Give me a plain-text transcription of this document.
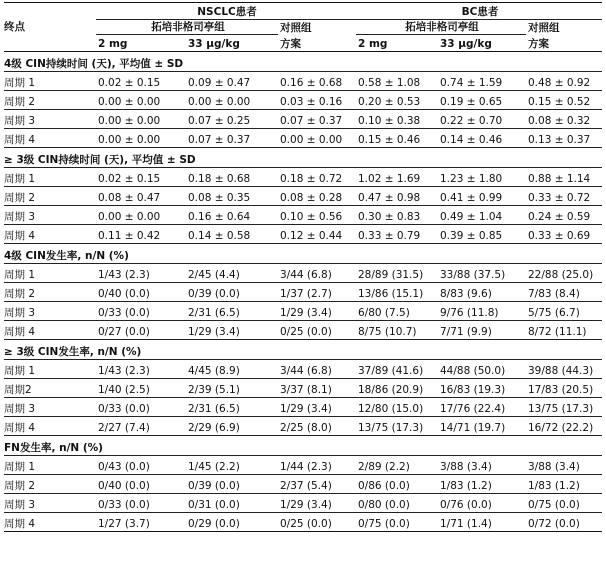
终点	NSCLC患者			BC患者		
	拓培非格司亭组		对照组	拓培非格司亭组		对照组
	2 mg	33 μg/kg	方案	2 mg	33 μg/kg	方案
4级 CIN持续时间 (天), 平均值 ± SD						
周期 1	0.02 ± 0.15	0.09 ± 0.47	0.16 ± 0.68	0.58 ± 1.08	0.74 ± 1.59	0.48 ± 0.92
周期 2	0.00 ± 0.00	0.00 ± 0.00	0.03 ± 0.16	0.20 ± 0.53	0.19 ± 0.65	0.15 ± 0.52
周期 3	0.00 ± 0.00	0.07 ± 0.25	0.07 ± 0.37	0.10 ± 0.38	0.22 ± 0.70	0.08 ± 0.32
周期 4	0.00 ± 0.00	0.07 ± 0.37	0.00 ± 0.00	0.15 ± 0.46	0.14 ± 0.46	0.13 ± 0.37
≥ 3级 CIN持续时间 (天), 平均值 ± SD						
周期 1	0.02 ± 0.15	0.18 ± 0.68	0.18 ± 0.72	1.02 ± 1.69	1.23 ± 1.80	0.88 ± 1.14
周期 2	0.08 ± 0.47	0.08 ± 0.35	0.08 ± 0.28	0.47 ± 0.98	0.41 ± 0.99	0.33 ± 0.72
周期 3	0.00 ± 0.00	0.16 ± 0.64	0.10 ± 0.56	0.30 ± 0.83	0.49 ± 1.04	0.24 ± 0.59
周期 4	0.11 ± 0.42	0.14 ± 0.58	0.12 ± 0.44	0.33 ± 0.79	0.39 ± 0.85	0.33 ± 0.69
4级 CIN发生率, n/N (%)						
周期 1	1/43 (2.3)	2/45 (4.4)	3/44 (6.8)	28/89 (31.5)	33/88 (37.5)	22/88 (25.0)
周期 2	0/40 (0.0)	0/39 (0.0)	1/37 (2.7)	13/86 (15.1)	8/83 (9.6)	7/83 (8.4)
周期 3	0/33 (0.0)	2/31 (6.5)	1/29 (3.4)	6/80 (7.5)	9/76 (11.8)	5/75 (6.7)
周期 4	0/27 (0.0)	1/29 (3.4)	0/25 (0.0)	8/75 (10.7)	7/71 (9.9)	8/72 (11.1)
≥ 3级 CIN发生率, n/N (%)						
周期 1	1/43 (2.3)	4/45 (8.9)	3/44 (6.8)	37/89 (41.6)	44/88 (50.0)	39/88 (44.3)
周期2	1/40 (2.5)	2/39 (5.1)	3/37 (8.1)	18/86 (20.9)	16/83 (19.3)	17/83 (20.5)
周期 3	0/33 (0.0)	2/31 (6.5)	1/29 (3.4)	12/80 (15.0)	17/76 (22.4)	13/75 (17.3)
周期 4	2/27 (7.4)	2/29 (6.9)	2/25 (8.0)	13/75 (17.3)	14/71 (19.7)	16/72 (22.2)
FN发生率, n/N (%)						
周期 1	0/43 (0.0)	1/45 (2.2)	1/44 (2.3)	2/89 (2.2)	3/88 (3.4)	3/88 (3.4)
周期 2	0/40 (0.0)	0/39 (0.0)	2/37 (5.4)	0/86 (0.0)	1/83 (1.2)	1/83 (1.2)
周期 3	0/33 (0.0)	0/31 (0.0)	1/29 (3.4)	0/80 (0.0)	0/76 (0.0)	0/75 (0.0)
周期 4	1/27 (3.7)	0/29 (0.0)	0/25 (0.0)	0/75 (0.0)	1/71 (1.4)	0/72 (0.0)
